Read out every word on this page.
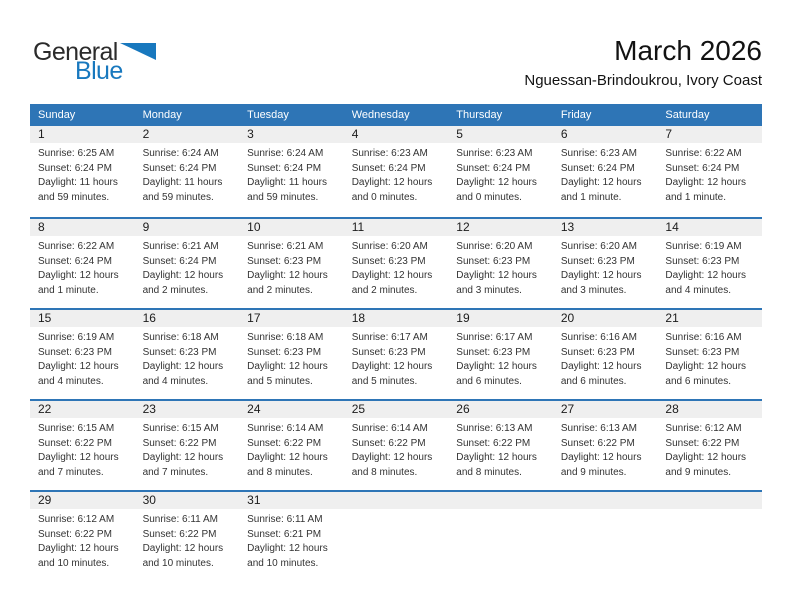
General
Blue
March 2026
Nguessan-Brindoukrou, Ivory Coast
Sunday	Monday	Tuesday	Wednesday	Thursday	Friday	Saturday
1	2	3	4	5	6	7
Sunrise: 6:25 AM
Sunset: 6:24 PM
Daylight: 11 hours
and 59 minutes.
Sunrise: 6:24 AM
Sunset: 6:24 PM
Daylight: 11 hours
and 59 minutes.
Sunrise: 6:24 AM
Sunset: 6:24 PM
Daylight: 11 hours
and 59 minutes.
Sunrise: 6:23 AM
Sunset: 6:24 PM
Daylight: 12 hours
and 0 minutes.
Sunrise: 6:23 AM
Sunset: 6:24 PM
Daylight: 12 hours
and 0 minutes.
Sunrise: 6:23 AM
Sunset: 6:24 PM
Daylight: 12 hours
and 1 minute.
Sunrise: 6:22 AM
Sunset: 6:24 PM
Daylight: 12 hours
and 1 minute.
8	9	10	11	12	13	14
Sunrise: 6:22 AM
Sunset: 6:24 PM
Daylight: 12 hours
and 1 minute.
Sunrise: 6:21 AM
Sunset: 6:24 PM
Daylight: 12 hours
and 2 minutes.
Sunrise: 6:21 AM
Sunset: 6:23 PM
Daylight: 12 hours
and 2 minutes.
Sunrise: 6:20 AM
Sunset: 6:23 PM
Daylight: 12 hours
and 2 minutes.
Sunrise: 6:20 AM
Sunset: 6:23 PM
Daylight: 12 hours
and 3 minutes.
Sunrise: 6:20 AM
Sunset: 6:23 PM
Daylight: 12 hours
and 3 minutes.
Sunrise: 6:19 AM
Sunset: 6:23 PM
Daylight: 12 hours
and 4 minutes.
15	16	17	18	19	20	21
Sunrise: 6:19 AM
Sunset: 6:23 PM
Daylight: 12 hours
and 4 minutes.
Sunrise: 6:18 AM
Sunset: 6:23 PM
Daylight: 12 hours
and 4 minutes.
Sunrise: 6:18 AM
Sunset: 6:23 PM
Daylight: 12 hours
and 5 minutes.
Sunrise: 6:17 AM
Sunset: 6:23 PM
Daylight: 12 hours
and 5 minutes.
Sunrise: 6:17 AM
Sunset: 6:23 PM
Daylight: 12 hours
and 6 minutes.
Sunrise: 6:16 AM
Sunset: 6:23 PM
Daylight: 12 hours
and 6 minutes.
Sunrise: 6:16 AM
Sunset: 6:23 PM
Daylight: 12 hours
and 6 minutes.
22	23	24	25	26	27	28
Sunrise: 6:15 AM
Sunset: 6:22 PM
Daylight: 12 hours
and 7 minutes.
Sunrise: 6:15 AM
Sunset: 6:22 PM
Daylight: 12 hours
and 7 minutes.
Sunrise: 6:14 AM
Sunset: 6:22 PM
Daylight: 12 hours
and 8 minutes.
Sunrise: 6:14 AM
Sunset: 6:22 PM
Daylight: 12 hours
and 8 minutes.
Sunrise: 6:13 AM
Sunset: 6:22 PM
Daylight: 12 hours
and 8 minutes.
Sunrise: 6:13 AM
Sunset: 6:22 PM
Daylight: 12 hours
and 9 minutes.
Sunrise: 6:12 AM
Sunset: 6:22 PM
Daylight: 12 hours
and 9 minutes.
29	30	31
Sunrise: 6:12 AM
Sunset: 6:22 PM
Daylight: 12 hours
and 10 minutes.
Sunrise: 6:11 AM
Sunset: 6:22 PM
Daylight: 12 hours
and 10 minutes.
Sunrise: 6:11 AM
Sunset: 6:21 PM
Daylight: 12 hours
and 10 minutes.
